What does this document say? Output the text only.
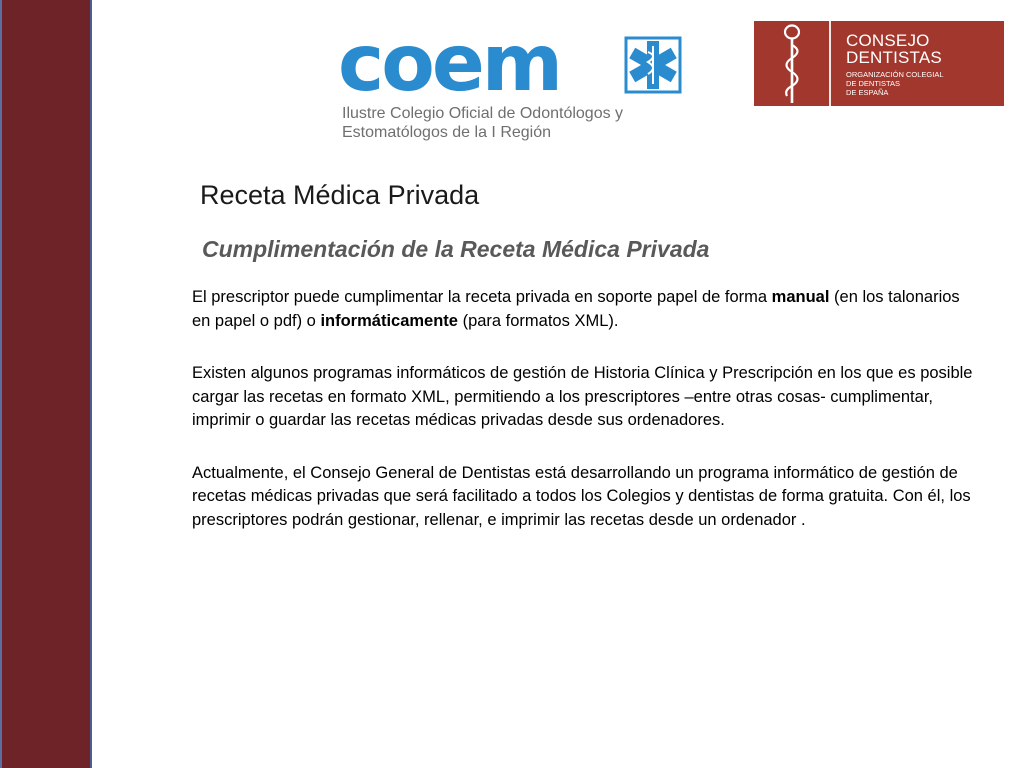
coem
Ilustre Colegio Oficial de Odontólogos y
Estomatólogos de la I Región
CONSEJO
DENTISTAS
ORGANIZACIÓN COLEGIAL
DE DENTISTAS
DE ESPAÑA
Receta Médica Privada
Cumplimentación de la Receta Médica Privada

El prescriptor puede cumplimentar la receta privada en soporte papel de forma manual (en los talonarios en papel o pdf) o informáticamente (para formatos XML).

Existen algunos programas informáticos de gestión de Historia Clínica y Prescripción en los que es posible cargar las recetas en formato XML, permitiendo a los prescriptores –entre otras cosas- cumplimentar, imprimir o guardar las recetas médicas privadas desde sus ordenadores.

Actualmente, el Consejo General de Dentistas está desarrollando un programa informático de gestión de recetas médicas privadas que será facilitado a todos los Colegios y dentistas de forma gratuita. Con él, los prescriptores podrán gestionar, rellenar, e imprimir las recetas desde un ordenador .
